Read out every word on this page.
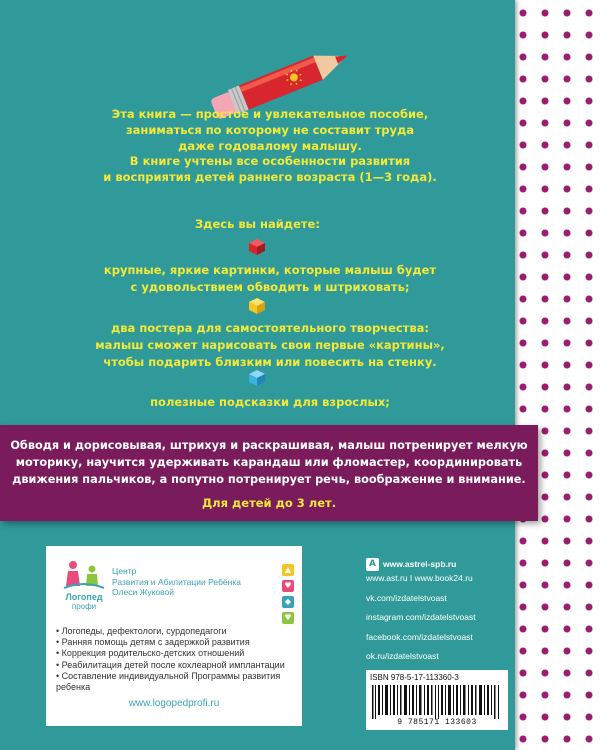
Эта книга — простое и увлекательное пособие,
заниматься по которому не составит труда
даже годовалому малышу.
В книге учтены все особенности развития
и восприятия детей раннего возраста (1—3 года).
Здесь вы найдете:
крупные, яркие картинки, которые малыш будет
с удовольствием обводить и штриховать;
два постера для самостоятельного творчества:
малыш сможет нарисовать свои первые «картины»,
чтобы подарить близким или повесить на стенку.
полезные подсказки для взрослых;
Обводя и дорисовывая, штрихуя и раскрашивая, малыш потренирует мелкую
моторику, научится удерживать карандаш или фломастер, координировать
движения пальчиков, а попутно потренирует речь, воображение и внимание.
Для детей до 3 лет.
Логопед
профи
Центр
Развития и Абилитации Ребёнка
Олеси Жуковой
▲
♥
◆
♥
• Логопеды, дефектологи, сурдопедагоги
• Ранняя помощь детям с задержкой развития
• Коррекция родительско-детских отношений
• Реабилитация детей после кохлеарной имплантации
• Составление индивидуальной Программы развития
ребенка
www.logopedprofi.ru
A www.astrel-spb.ru
www.ast.ru I www.book24.ru
vk.com/izdatelstvoast
instagram.com/izdatelstvoast
facebook.com/izdatelstvoast
ok.ru/izdatelstvoast
ISBN 978-5-17-113360-3
9 785171 133603
